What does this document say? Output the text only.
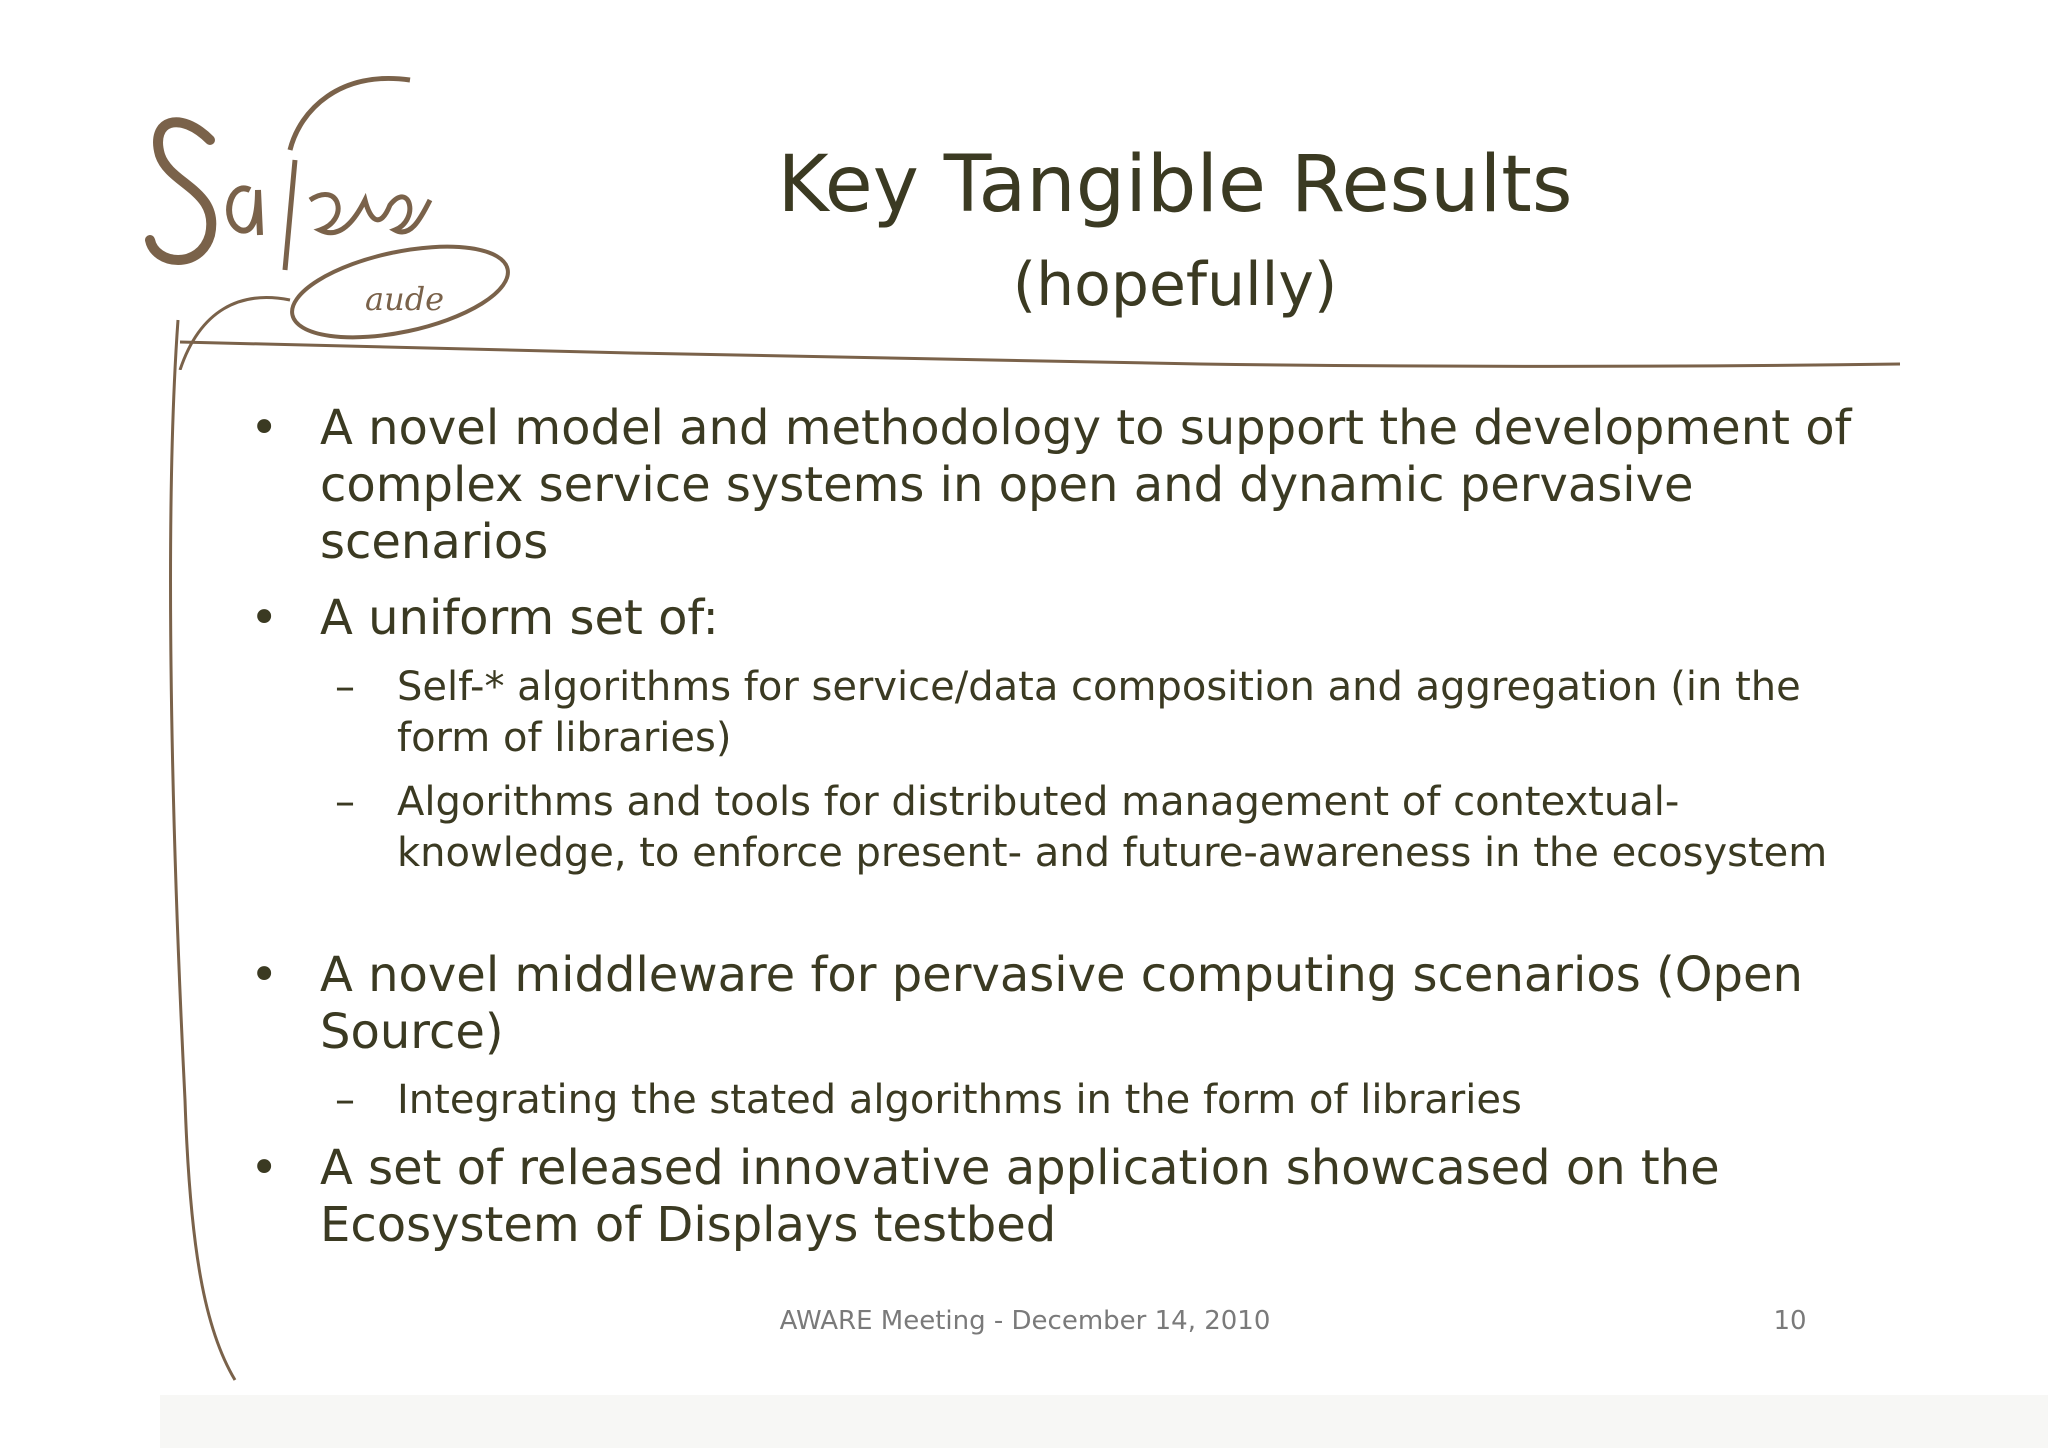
aude
Key Tangible Results
(hopefully)
• A novel model and methodology to support the development of complex service systems in open and dynamic pervasive scenarios
• A uniform set of:
–	Self-* algorithms for service/data composition and aggregation (in the form of libraries)
–	Algorithms and tools for distributed management of contextual-knowledge, to enforce present- and future-awareness in the ecosystem
• A novel middleware for pervasive computing scenarios (Open Source)
–	Integrating the stated algorithms in the form of libraries
• A set of released innovative application showcased on the Ecosystem of Displays testbed
AWARE Meeting - December 14, 2010	10
